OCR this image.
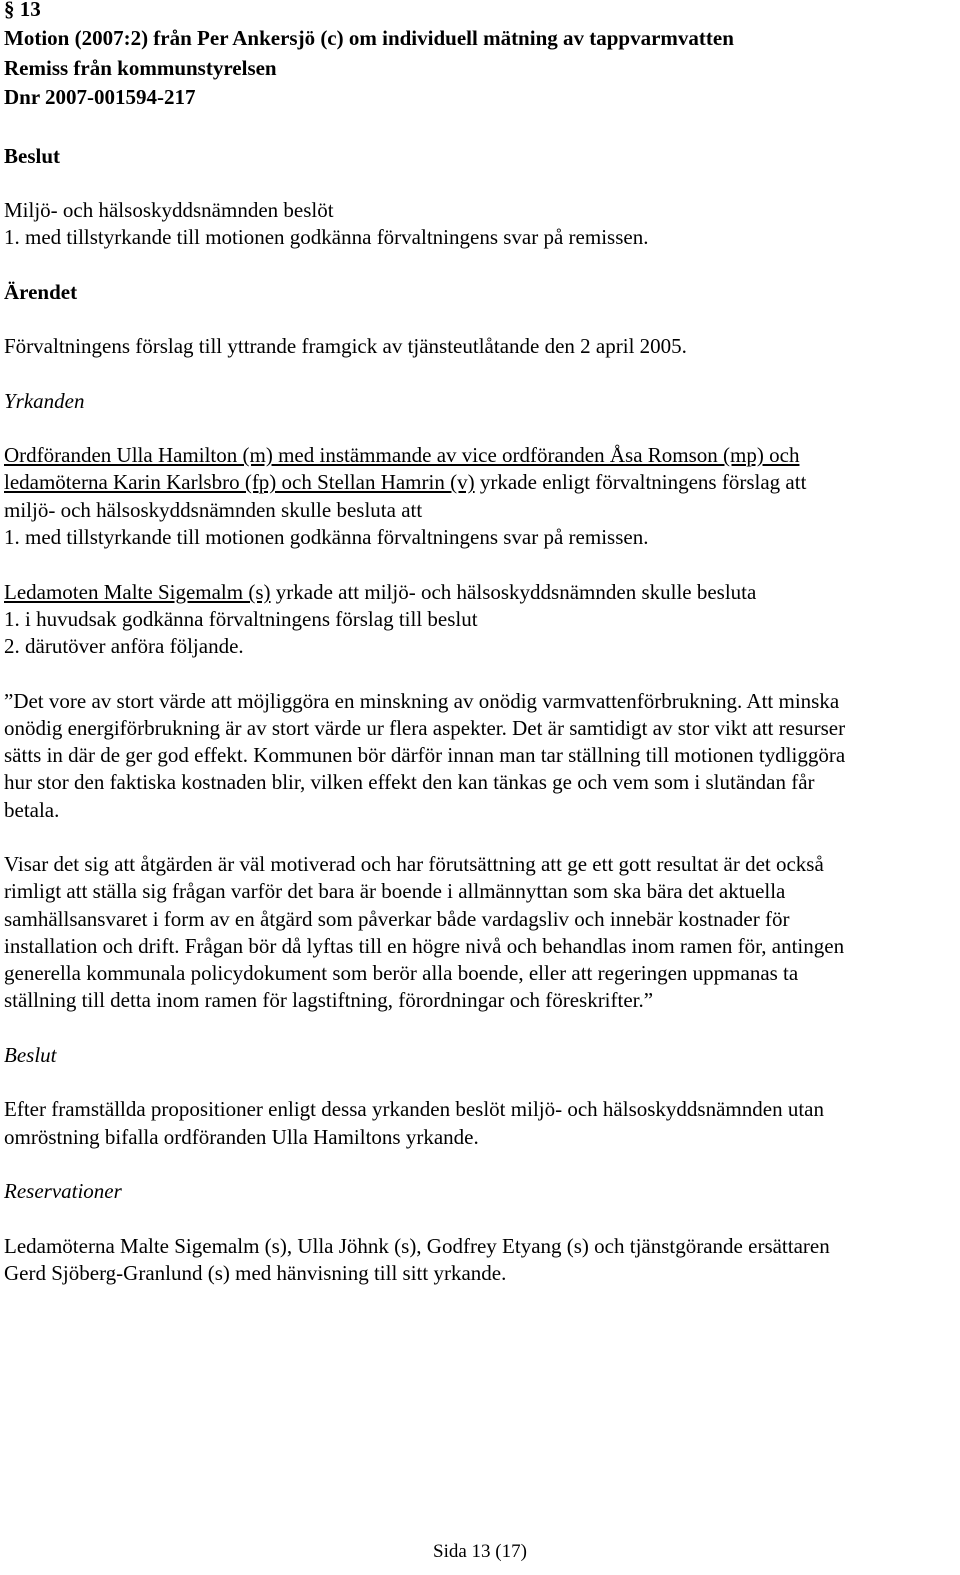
§ 13
Motion (2007:2) från Per Ankersjö (c) om individuell mätning av tappvarmvatten
Remiss från kommunstyrelsen
Dnr 2007-001594-217
Beslut
Miljö- och hälsoskyddsnämnden beslöt
1. med tillstyrkande till motionen godkänna förvaltningens svar på remissen.
Ärendet
Förvaltningens förslag till yttrande framgick av tjänsteutlåtande den 2 april 2005.
Yrkanden
Ordföranden Ulla Hamilton (m) med instämmande av vice ordföranden Åsa Romson (mp) och
ledamöterna Karin Karlsbro (fp) och Stellan Hamrin (v) yrkade enligt förvaltningens förslag att
miljö- och hälsoskyddsnämnden skulle besluta att
1. med tillstyrkande till motionen godkänna förvaltningens svar på remissen.
Ledamoten Malte Sigemalm (s) yrkade att miljö- och hälsoskyddsnämnden skulle besluta
1. i huvudsak godkänna förvaltningens förslag till beslut
2. därutöver anföra följande.
”Det vore av stort värde att möjliggöra en minskning av onödig varmvattenförbrukning. Att minska
onödig energiförbrukning är av stort värde ur flera aspekter. Det är samtidigt av stor vikt att resurser
sätts in där de ger god effekt. Kommunen bör därför innan man tar ställning till motionen tydliggöra
hur stor den faktiska kostnaden blir, vilken effekt den kan tänkas ge och vem som i slutändan får
betala.
Visar det sig att åtgärden är väl motiverad och har förutsättning att ge ett gott resultat är det också
rimligt att ställa sig frågan varför det bara är boende i allmännyttan som ska bära det aktuella
samhällsansvaret i form av en åtgärd som påverkar både vardagsliv och innebär kostnader för
installation och drift. Frågan bör då lyftas till en högre nivå och behandlas inom ramen för, antingen
generella kommunala policydokument som berör alla boende, eller att regeringen uppmanas ta
ställning till detta inom ramen för lagstiftning, förordningar och föreskrifter.”
Beslut
Efter framställda propositioner enligt dessa yrkanden beslöt miljö- och hälsoskyddsnämnden utan
omröstning bifalla ordföranden Ulla Hamiltons yrkande.
Reservationer
Ledamöterna Malte Sigemalm (s), Ulla Jöhnk (s), Godfrey Etyang (s) och tjänstgörande ersättaren
Gerd Sjöberg-Granlund (s) med hänvisning till sitt yrkande.
Sida 13 (17)
